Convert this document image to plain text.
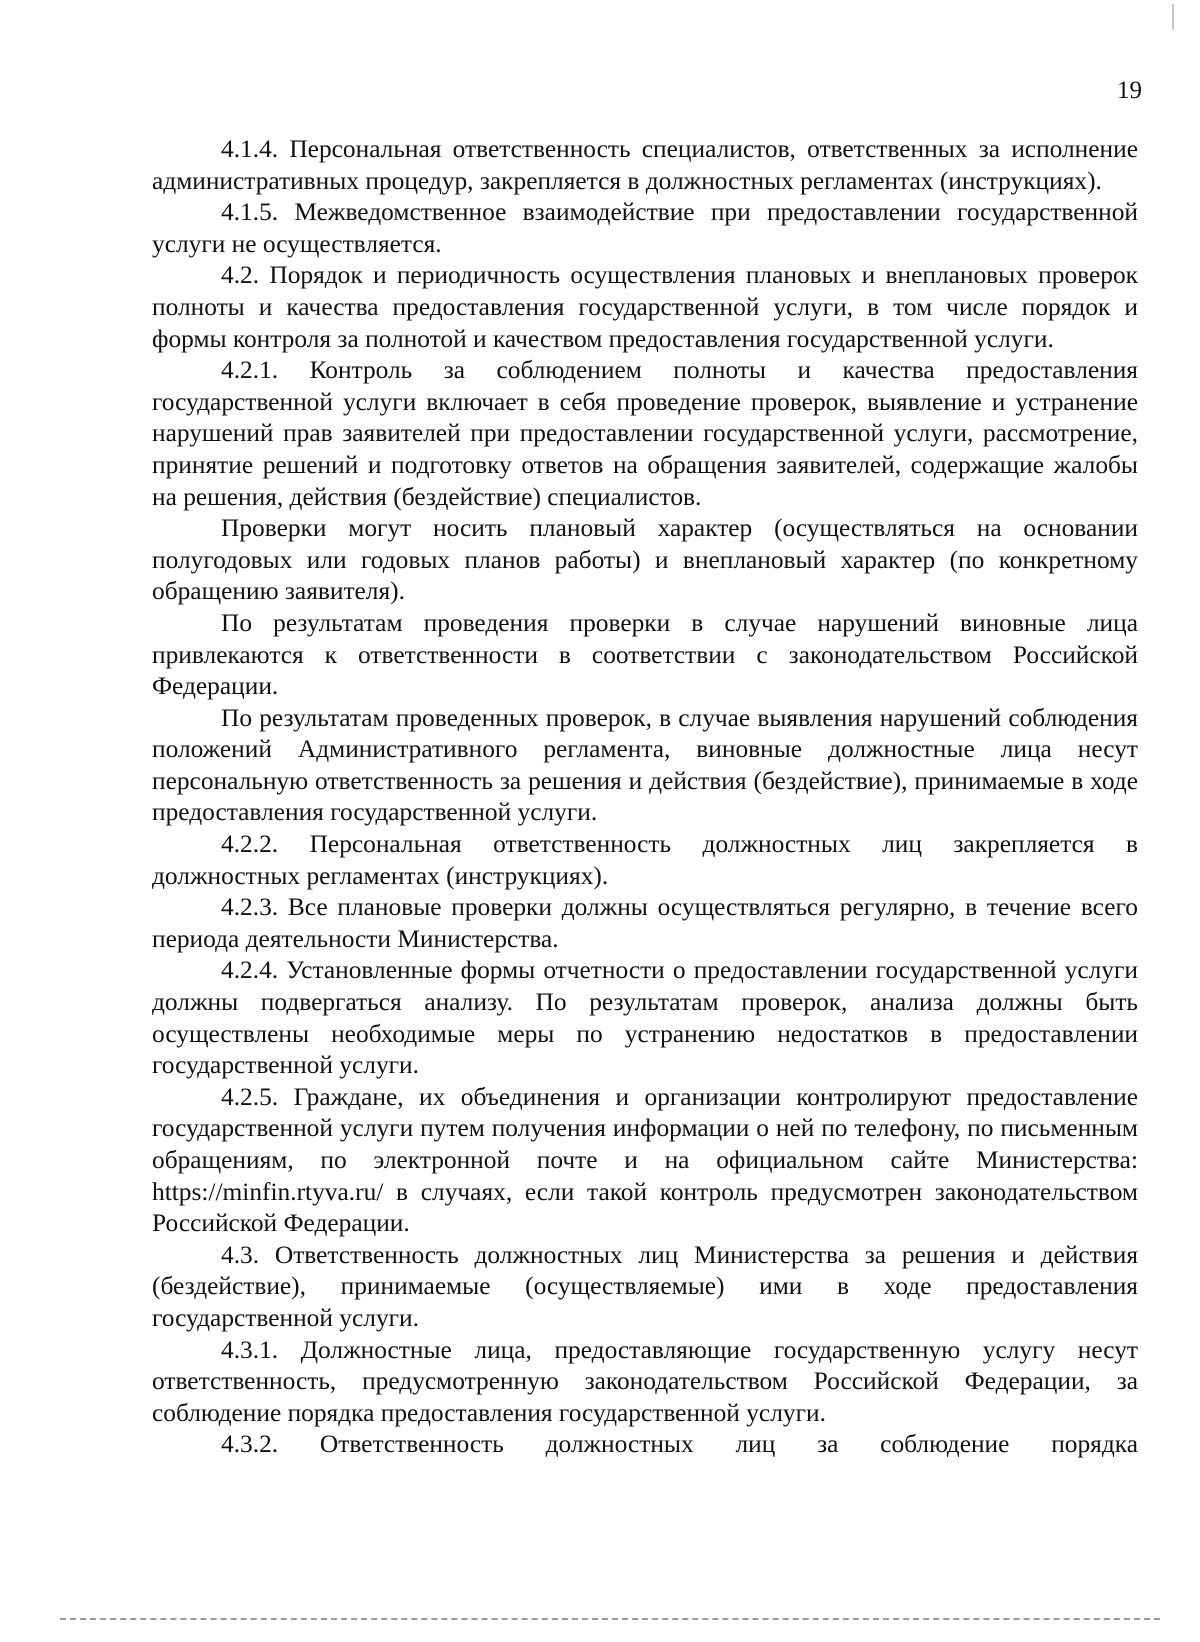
19

4.1.4. Персональная ответственность специалистов, ответственных за исполнение административных процедур, закрепляется в должностных регламентах (инструкциях).

4.1.5. Межведомственное взаимодействие при предоставлении государственной услуги не осуществляется.

4.2. Порядок и периодичность осуществления плановых и внеплановых проверок полноты и качества предоставления государственной услуги, в том числе порядок и формы контроля за полнотой и качеством предоставления государственной услуги.

4.2.1. Контроль за соблюдением полноты и качества предоставления государственной услуги включает в себя проведение проверок, выявление и устранение нарушений прав заявителей при предоставлении государственной услуги, рассмотрение, принятие решений и подготовку ответов на обращения заявителей, содержащие жалобы на решения, действия (бездействие) специалистов.

Проверки могут носить плановый характер (осуществляться на основании полугодовых или годовых планов работы) и внеплановый характер (по конкретному обращению заявителя).

По результатам проведения проверки в случае нарушений виновные лица привлекаются к ответственности в соответствии с законодательством Российской Федерации.

По результатам проведенных проверок, в случае выявления нарушений соблюдения положений Административного регламента, виновные должностные лица несут персональную ответственность за решения и действия (бездействие), принимаемые в ходе предоставления государственной услуги.

4.2.2. Персональная ответственность должностных лиц закрепляется в должностных регламентах (инструкциях).

4.2.3. Все плановые проверки должны осуществляться регулярно, в течение всего периода деятельности Министерства.

4.2.4. Установленные формы отчетности о предоставлении государственной услуги должны подвергаться анализу. По результатам проверок, анализа должны быть осуществлены необходимые меры по устранению недостатков в предоставлении государственной услуги.

4.2.5. Граждане, их объединения и организации контролируют предоставление государственной услуги путем получения информации о ней по телефону, по письменным обращениям, по электронной почте и на официальном сайте Министерства: https://minfin.rtyva.ru/ в случаях, если такой контроль предусмотрен законодательством Российской Федерации.

4.3. Ответственность должностных лиц Министерства за решения и действия (бездействие), принимаемые (осуществляемые) ими в ходе предоставления государственной услуги.

4.3.1. Должностные лица, предоставляющие государственную услугу несут ответственность, предусмотренную законодательством Российской Федерации, за соблюдение порядка предоставления государственной услуги.

4.3.2. Ответственность должностных лиц за соблюдение порядка
